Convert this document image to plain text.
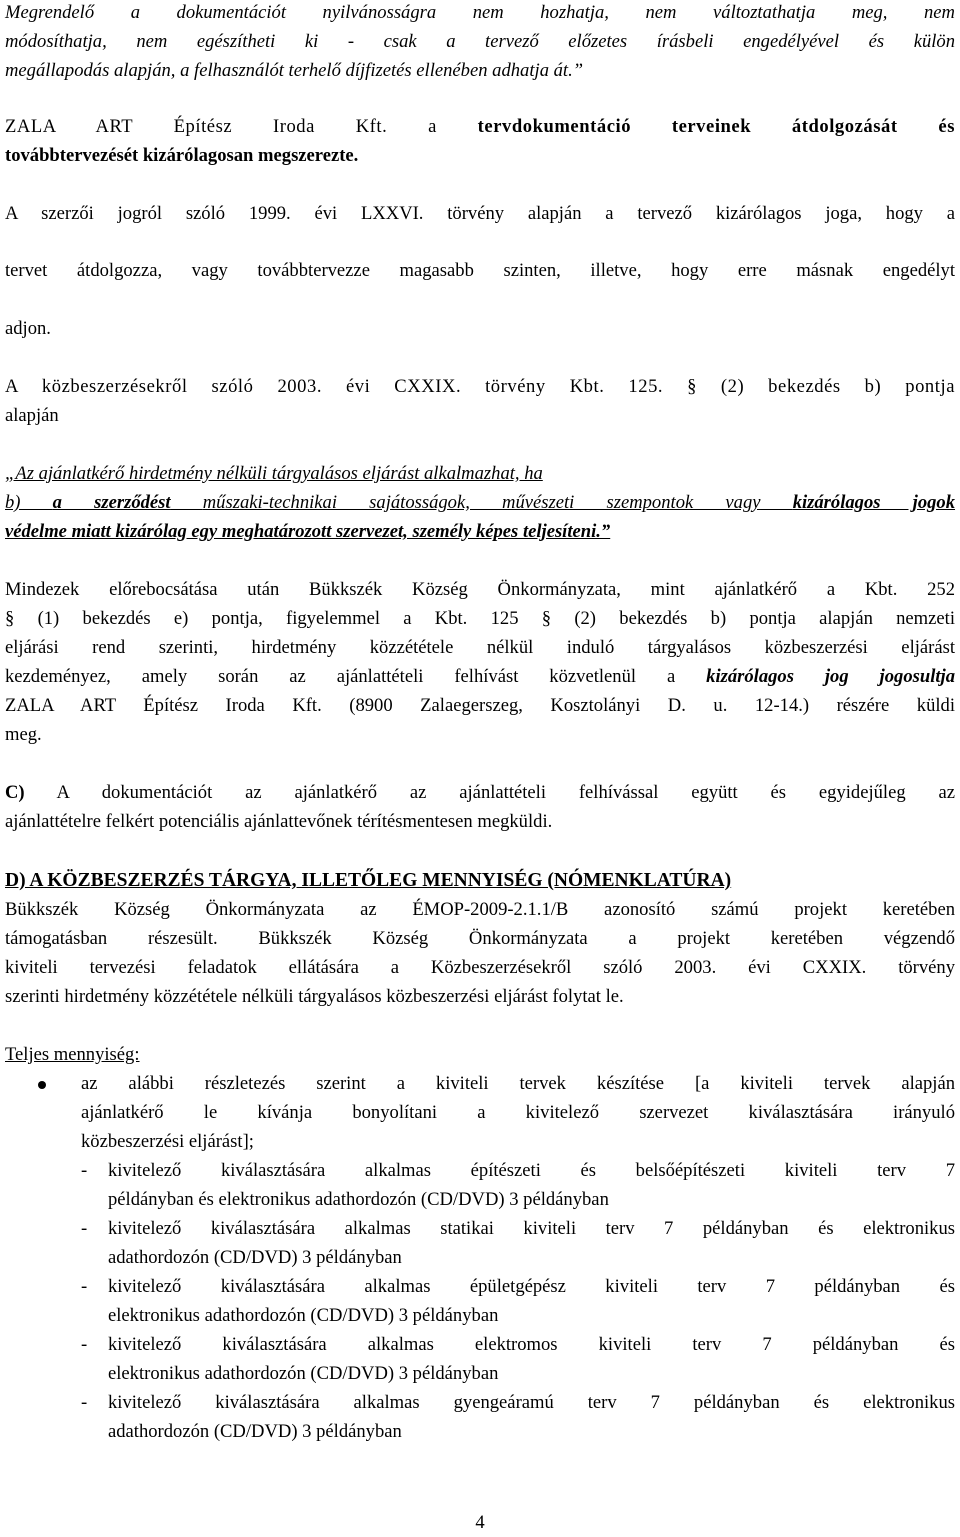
Megrendelő a dokumentációt nyilvánosságra nem hozhatja, nem változtathatja meg, nem
módosíthatja, nem egészítheti ki - csak a tervező előzetes írásbeli engedélyével és külön
megállapodás alapján, a felhasználót terhelő díjfizetés ellenében adhatja át.”
ZALA ART Építész Iroda Kft. a tervdokumentáció terveinek átdolgozását és
továbbtervezését kizárólagosan megszerezte.
A szerzői jogról szóló 1999. évi LXXVI. törvény alapján a tervező kizárólagos joga, hogy a
tervet átdolgozza, vagy továbbtervezze magasabb szinten, illetve, hogy erre másnak engedélyt
adjon.
A közbeszerzésekről szóló 2003. évi CXXIX. törvény Kbt. 125. § (2) bekezdés b) pontja
alapján
„Az ajánlatkérő hirdetmény nélküli tárgyalásos eljárást alkalmazhat, ha
b) a szerződést műszaki-technikai sajátosságok, művészeti szempontok vagy kizárólagos jogok
védelme miatt kizárólag egy meghatározott szervezet, személy képes teljesíteni.”
Mindezek előrebocsátása után Bükkszék Község Önkormányzata, mint ajánlatkérő a Kbt. 252
§ (1) bekezdés e) pontja, figyelemmel a Kbt. 125 § (2) bekezdés b) pontja alapján nemzeti
eljárási rend szerinti, hirdetmény közzététele nélkül induló tárgyalásos közbeszerzési eljárást
kezdeményez, amely során az ajánlattételi felhívást közvetlenül a kizárólagos jog jogosultja
ZALA ART Építész Iroda Kft. (8900 Zalaegerszeg, Kosztolányi D. u. 12-14.) részére küldi
meg.
C) A dokumentációt az ajánlatkérő az ajánlattételi felhívással együtt és egyidejűleg az
ajánlattételre felkért potenciális ajánlattevőnek térítésmentesen megküldi.
D) A KÖZBESZERZÉS TÁRGYA, ILLETŐLEG MENNYISÉG (NÓMENKLATÚRA)
Bükkszék Község Önkormányzata az ÉMOP-2009-2.1.1/B azonosító számú projekt keretében
támogatásban részesült. Bükkszék Község Önkormányzata a projekt keretében végzendő
kiviteli tervezési feladatok ellátására a Közbeszerzésekről szóló 2003. évi CXXIX. törvény
szerinti hirdetmény közzététele nélküli tárgyalásos közbeszerzési eljárást folytat le.
Teljes mennyiség:
az alábbi részletezés szerint a kiviteli tervek készítése [a kiviteli tervek alapján
ajánlatkérő le kívánja bonyolítani a kivitelező szervezet kiválasztására irányuló
közbeszerzési eljárást];
- kivitelező kiválasztására alkalmas építészeti és belsőépítészeti kiviteli terv 7
példányban és elektronikus adathordozón (CD/DVD) 3 példányban
- kivitelező kiválasztására alkalmas statikai kiviteli terv 7 példányban és elektronikus
adathordozón (CD/DVD) 3 példányban
- kivitelező kiválasztására alkalmas épületgépész kiviteli terv 7 példányban és
elektronikus adathordozón (CD/DVD) 3 példányban
- kivitelező kiválasztására alkalmas elektromos kiviteli terv 7 példányban és
elektronikus adathordozón (CD/DVD) 3 példányban
- kivitelező kiválasztására alkalmas gyengeáramú terv 7 példányban és elektronikus
adathordozón (CD/DVD) 3 példányban
4
